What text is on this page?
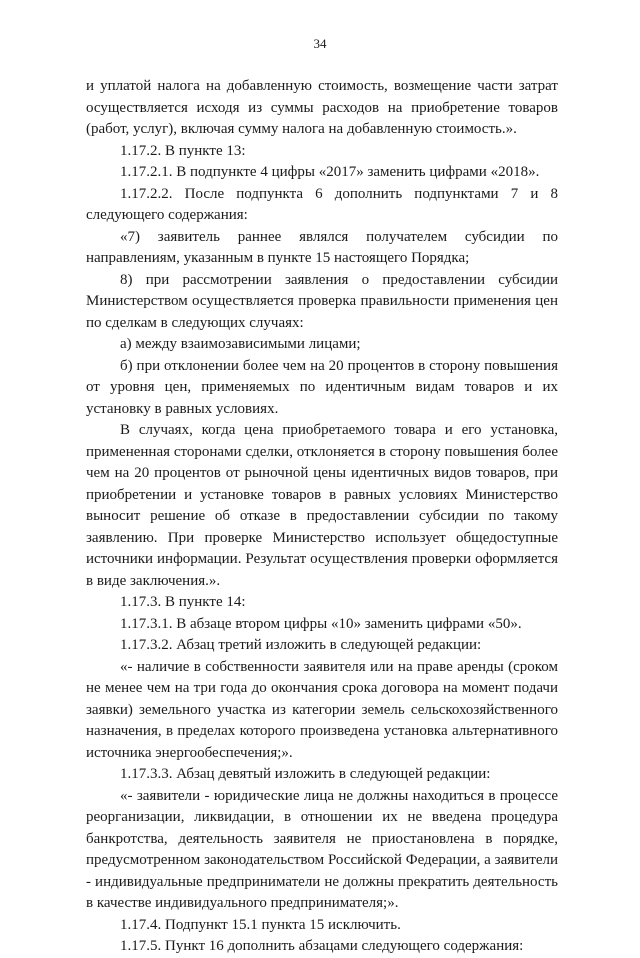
34

и уплатой налога на добавленную стоимость, возмещение части затрат осуществляется исходя из суммы расходов на приобретение товаров (работ, услуг), включая сумму налога на добавленную стоимость.».

1.17.2. В пункте 13:

1.17.2.1. В подпункте 4 цифры «2017» заменить цифрами «2018».

1.17.2.2. После подпункта 6 дополнить подпунктами 7 и 8 следующего содержания:

«7) заявитель раннее являлся получателем субсидии по направлениям, указанным в пункте 15 настоящего Порядка;

8) при рассмотрении заявления о предоставлении субсидии Министерством осуществляется проверка правильности применения цен по сделкам в следующих случаях:

а) между взаимозависимыми лицами;

б) при отклонении более чем на 20 процентов в сторону повышения от уровня цен, применяемых по идентичным видам товаров и их установку в равных условиях.

В случаях, когда цена приобретаемого товара и его установка, примененная сторонами сделки, отклоняется в сторону повышения более чем на 20 процентов от рыночной цены идентичных видов товаров, при приобретении и установке товаров в равных условиях Министерство выносит решение об отказе в предоставлении субсидии по такому заявлению. При проверке Министерство использует общедоступные источники информации. Результат осуществления проверки оформляется в виде заключения.».

1.17.3. В пункте 14:

1.17.3.1. В абзаце втором цифры «10» заменить цифрами «50».

1.17.3.2. Абзац третий изложить в следующей редакции:

«- наличие в собственности заявителя или на праве аренды (сроком не менее чем на три года до окончания срока договора на момент подачи заявки) земельного участка из категории земель сельскохозяйственного назначения, в пределах которого произведена установка альтернативного источника энергообеспечения;».

1.17.3.3. Абзац девятый изложить в следующей редакции:

«- заявители - юридические лица не должны находиться в процессе реорганизации, ликвидации, в отношении их не введена процедура банкротства, деятельность заявителя не приостановлена в порядке, предусмотренном законодательством Российской Федерации, а заявители - индивидуальные предприниматели не должны прекратить деятельность в качестве индивидуального предпринимателя;».

1.17.4. Подпункт 15.1 пункта 15 исключить.

1.17.5. Пункт 16 дополнить абзацами следующего содержания:
